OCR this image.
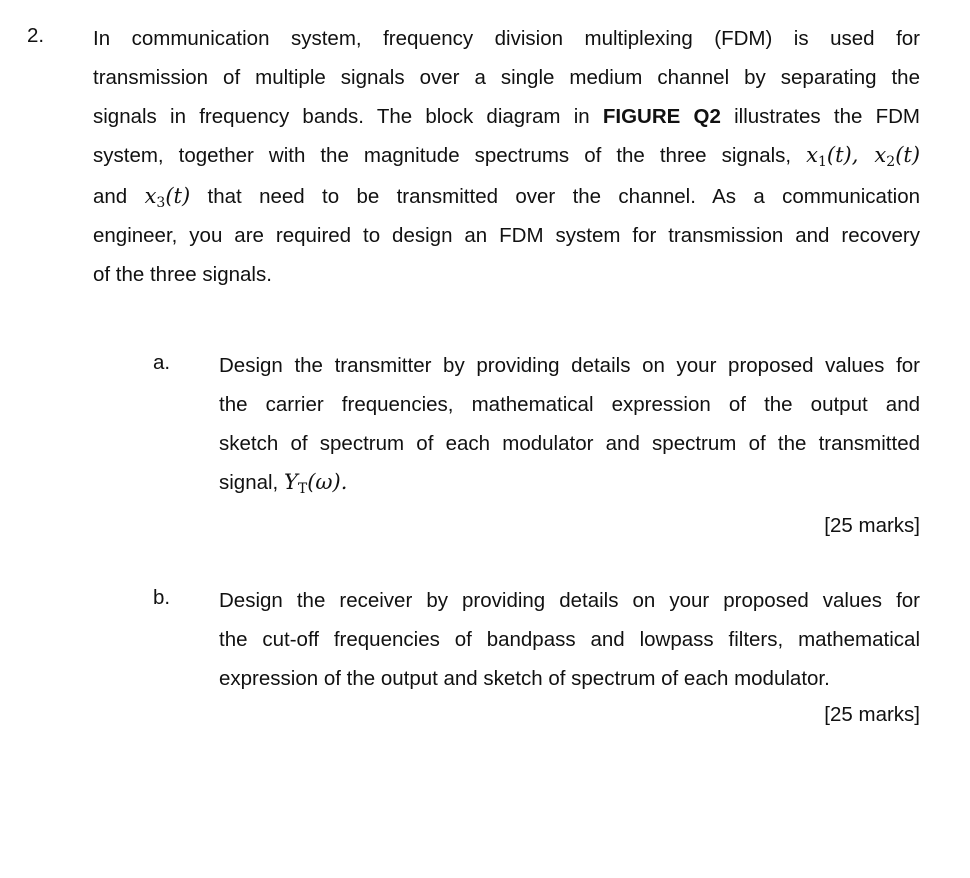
2. In communication system, frequency division multiplexing (FDM) is used for
transmission of multiple signals over a single medium channel by separating the
signals in frequency bands. The block diagram in FIGURE Q2 illustrates the FDM
system, together with the magnitude spectrums of the three signals, $x_1(t)$, $x_2(t)$
and $x_3(t)$ that need to be transmitted over the channel. As a communication
engineer, you are required to design an FDM system for transmission and recovery
of the three signals.
a. Design the transmitter by providing details on your proposed values for
the carrier frequencies, mathematical expression of the output and
sketch of spectrum of each modulator and spectrum of the transmitted
signal, $Y_T(\omega)$.
[25 marks]
b. Design the receiver by providing details on your proposed values for
the cut-off frequencies of bandpass and lowpass filters, mathematical
expression of the output and sketch of spectrum of each modulator.
[25 marks]
